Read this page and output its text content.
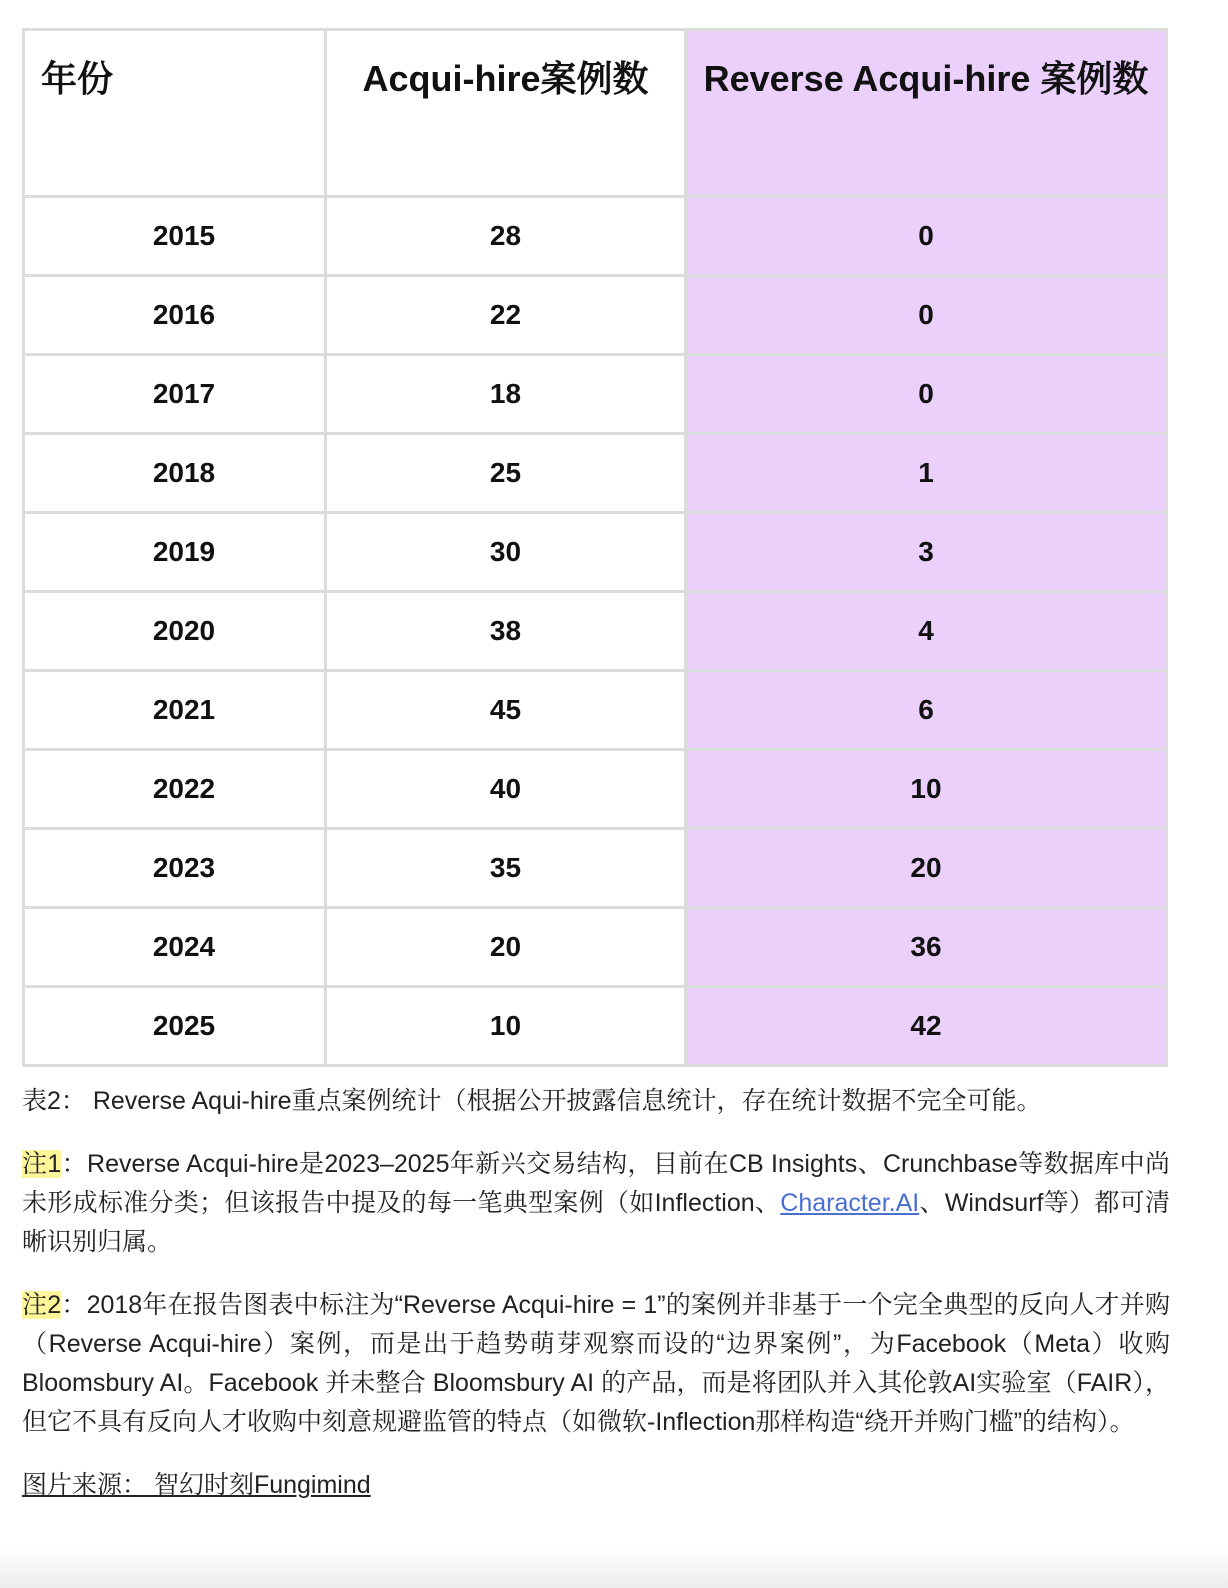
年份	Acqui-hire案例数	Reverse Acqui-hire 案例数
2015	28	0
2016	22	0
2017	18	0
2018	25	1
2019	30	3
2020	38	4
2021	45	6
2022	40	10
2023	35	20
2024	20	36
2025	10	42

表2： Reverse Aqui-hire重点案例统计（根据公开披露信息统计，存在统计数据不完全可能。

注1：Reverse Acqui-hire是2023–2025年新兴交易结构，目前在CB Insights、Crunchbase等数据库中尚未形成标准分类；但该报告中提及的每一笔典型案例（如Inflection、Character.AI、Windsurf等）都可清晰识别归属。

注2：2018年在报告图表中标注为“Reverse Acqui-hire = 1”的案例并非基于一个完全典型的反向人才并购（Reverse Acqui-hire）案例，而是出于趋势萌芽观察而设的“边界案例”，为Facebook（Meta）收购Bloomsbury AI。Facebook 并未整合 Bloomsbury AI 的产品，而是将团队并入其伦敦AI实验室（FAIR），但它不具有反向人才收购中刻意规避监管的特点（如微软-Inflection那样构造“绕开并购门槛”的结构）。

图片来源： 智幻时刻Fungimind
